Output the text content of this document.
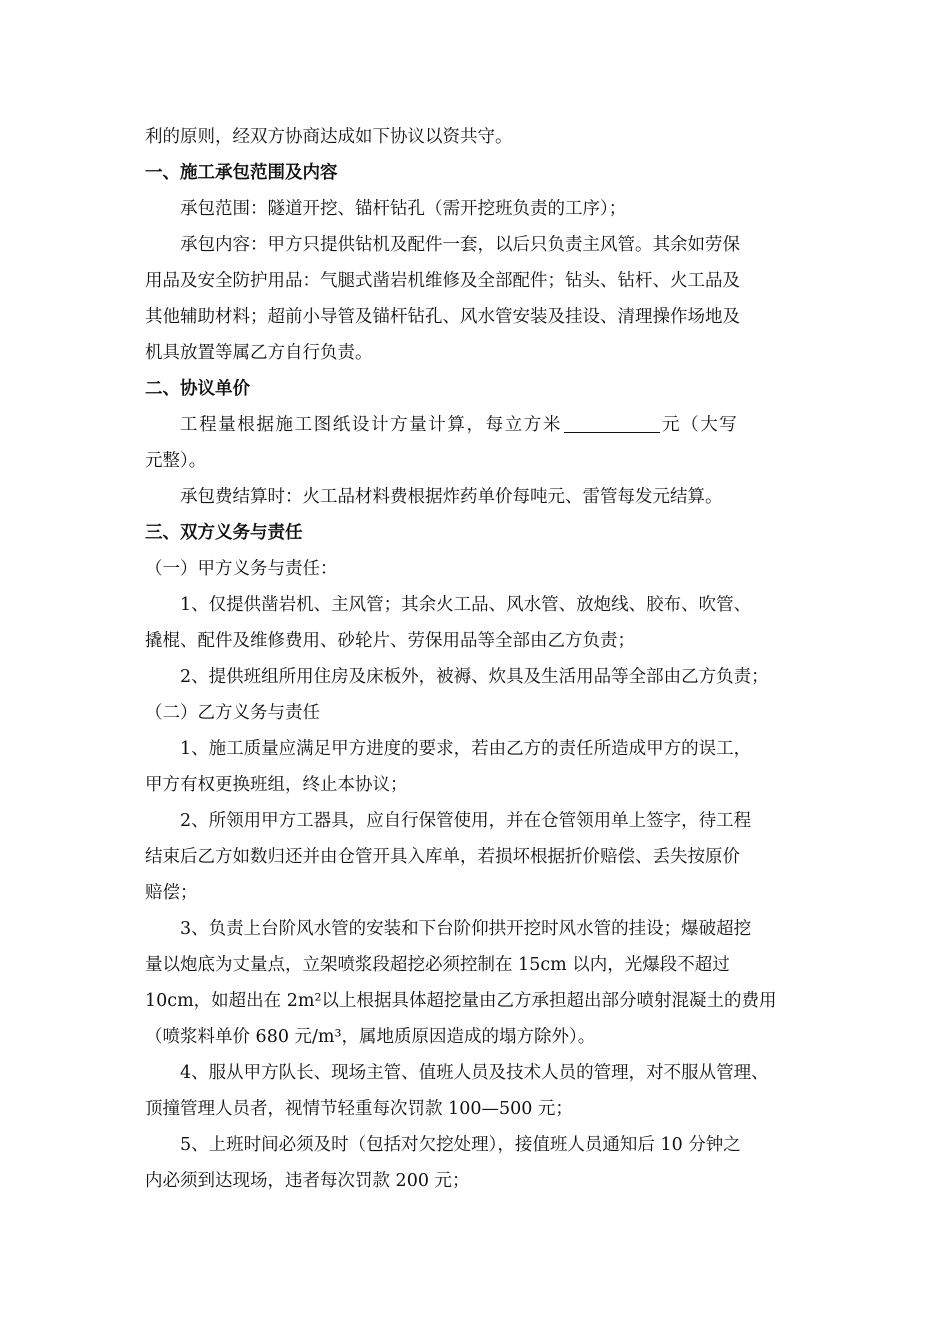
利的原则，经双方协商达成如下协议以资共守。
一、施工承包范围及内容
承包范围：隧道开挖、锚杆钻孔（需开挖班负责的工序）；
承包内容：甲方只提供钻机及配件一套，以后只负责主风管。其余如劳保
用品及安全防护用品：气腿式凿岩机维修及全部配件；钻头、钻杆、火工品及
其他辅助材料；超前小导管及锚杆钻孔、风水管安装及挂设、清理操作场地及
机具放置等属乙方自行负责。
二、协议单价
工程量根据施工图纸设计方量计算，每立方米	元（大写
元整）。
承包费结算时：火工品材料费根据炸药单价每吨元、雷管每发元结算。
三、双方义务与责任
（一）甲方义务与责任：
1、仅提供凿岩机、主风管；其余火工品、风水管、放炮线、胶布、吹管、
撬棍、配件及维修费用、砂轮片、劳保用品等全部由乙方负责；
2、提供班组所用住房及床板外，被褥、炊具及生活用品等全部由乙方负责；
（二）乙方义务与责任
1、施工质量应满足甲方进度的要求，若由乙方的责任所造成甲方的误工，
甲方有权更换班组，终止本协议；
2、所领用甲方工器具，应自行保管使用，并在仓管领用单上签字，待工程
结束后乙方如数归还并由仓管开具入库单，若损坏根据折价赔偿、丢失按原价
赔偿；
3、负责上台阶风水管的安装和下台阶仰拱开挖时风水管的挂设；爆破超挖
量以炮底为丈量点，立架喷浆段超挖必须控制在 15cm 以内，光爆段不超过
10cm，如超出在 2m²以上根据具体超挖量由乙方承担超出部分喷射混凝土的费用
（喷浆料单价 680 元/m³，属地质原因造成的塌方除外）。
4、服从甲方队长、现场主管、值班人员及技术人员的管理，对不服从管理、
顶撞管理人员者，视情节轻重每次罚款 100—500 元；
5、上班时间必须及时（包括对欠挖处理），接值班人员通知后 10 分钟之
内必须到达现场，违者每次罚款 200 元；
